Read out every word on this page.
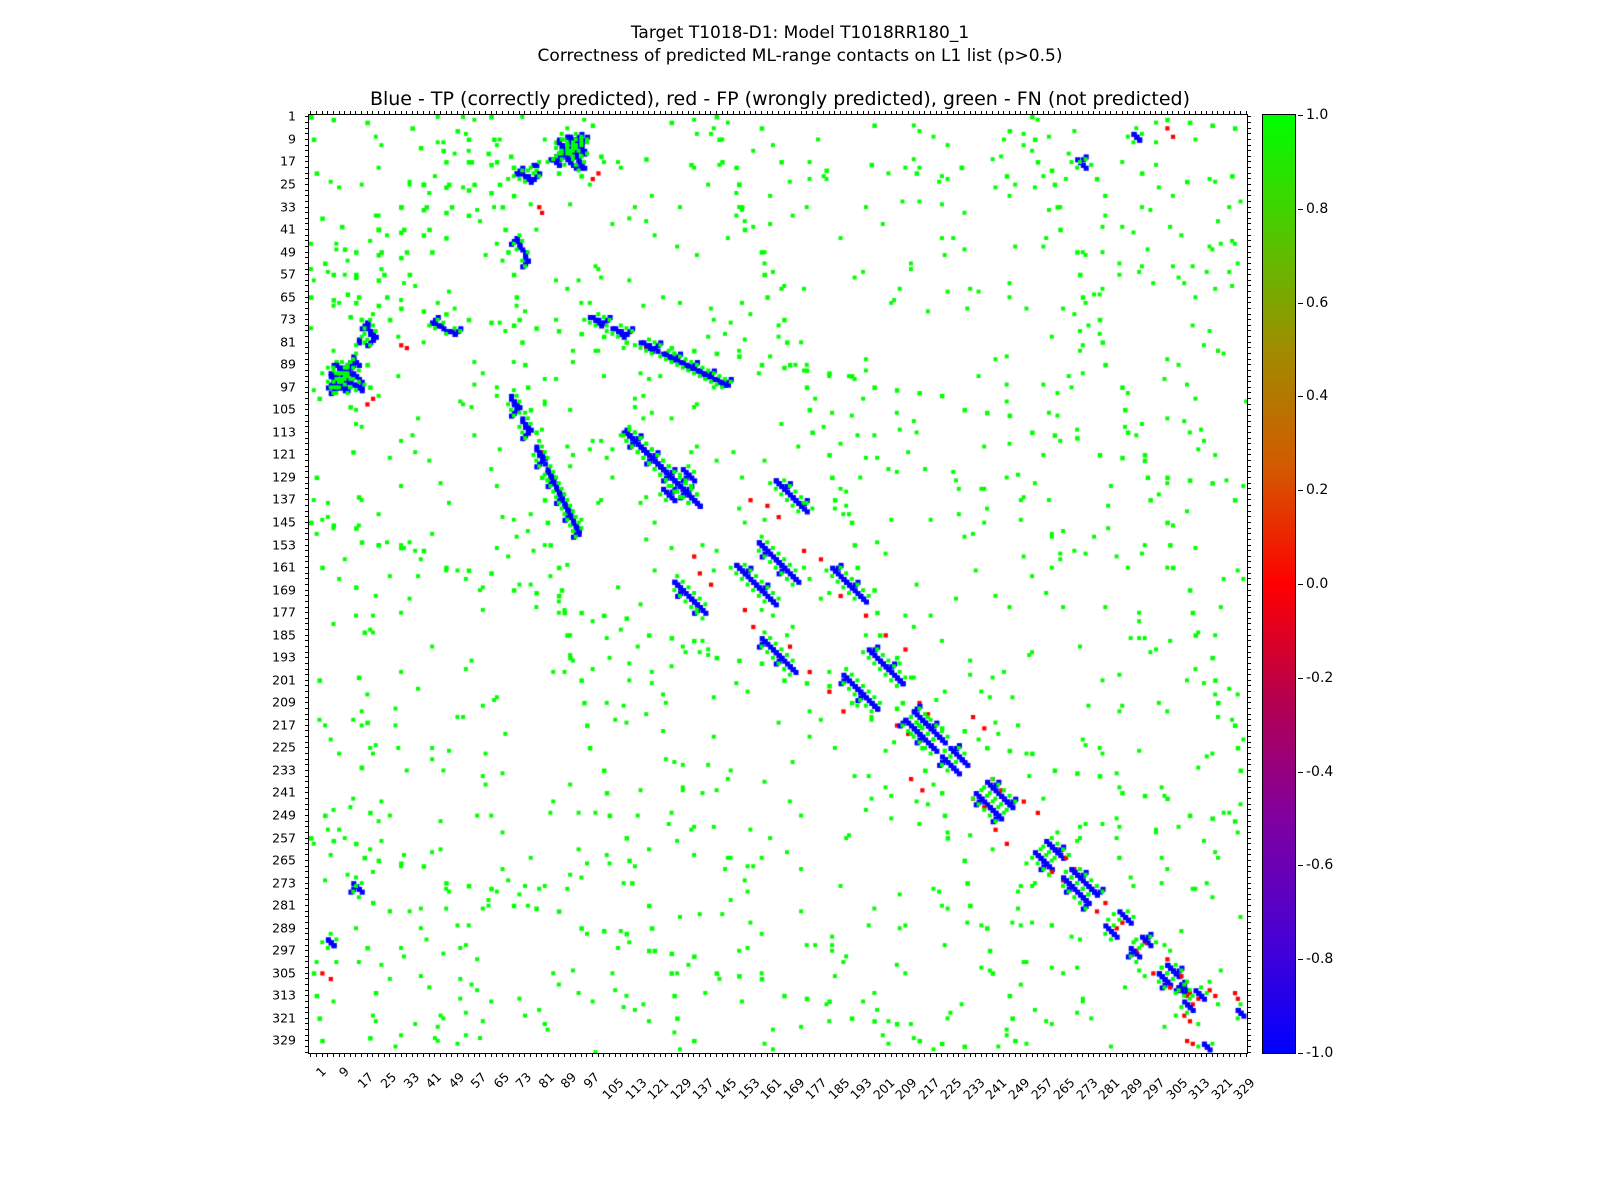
Target T1018-D1: Model T1018RR180_1
Correctness of predicted ML-range contacts on L1 list (p>0.5)
Blue - TP (correctly predicted), red - FP (wrongly predicted), green - FN (not predicted)
1
9
17
25
33
41
49
57
65
73
81
89
97
105
113
121
129
137
145
153
161
169
177
185
193
201
209
217
225
233
241
249
257
265
273
281
289
297
305
313
321
329
1 9 17 25 33 41 49 57 65 73 81 89 97
105
113
121
129
137
145
153
161
169
177
185
193
201
209
217
225
233
241
249
257
265
273
281
289
297
305
313
321
329
1.0
0.8
0.6
0.4
0.2
0.0
-0.2
-0.4
-0.6
-0.8
-1.0
